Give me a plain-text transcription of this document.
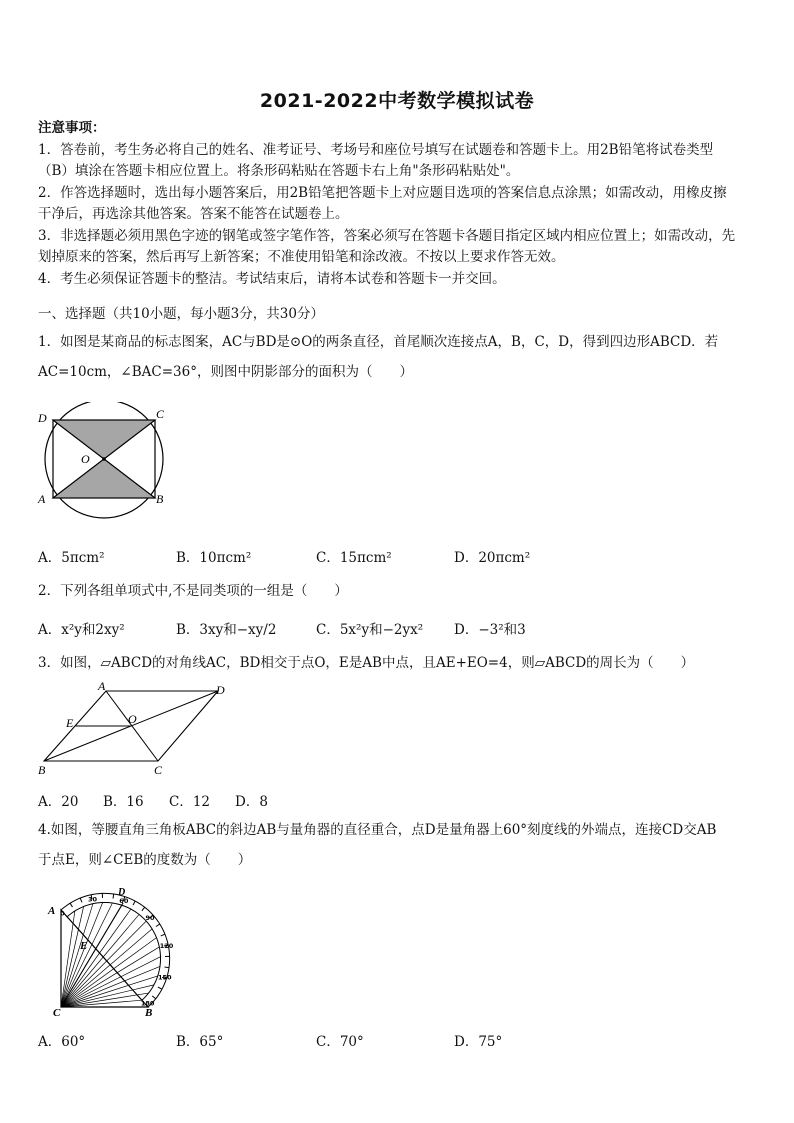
2021-2022中考数学模拟试卷

注意事项：

1．答卷前，考生务必将自己的姓名、准考证号、考场号和座位号填写在试题卷和答题卡上。用2B铅笔将试卷类型

（B）填涂在答题卡相应位置上。将条形码粘贴在答题卡右上角"条形码粘贴处"。

2．作答选择题时，选出每小题答案后，用2B铅笔把答题卡上对应题目选项的答案信息点涂黑；如需改动，用橡皮擦

干净后，再选涂其他答案。答案不能答在试题卷上。

3．非选择题必须用黑色字迹的钢笔或签字笔作答，答案必须写在答题卡各题目指定区域内相应位置上；如需改动，先

划掉原来的答案，然后再写上新答案；不准使用铅笔和涂改液。不按以上要求作答无效。

4．考生必须保证答题卡的整洁。考试结束后，请将本试卷和答题卡一并交回。

一、选择题（共10小题，每小题3分，共30分）
1．如图是某商品的标志图案，AC与BD是⊙O的两条直径，首尾顺次连接点A，B，C，D，得到四边形ABCD．若
AC=10cm，∠BAC=36°，则图中阴影部分的面积为（　　）
D	C
O
A	B
A．5πcm²	B．10πcm²	C．15πcm²	D．20πcm²
2．下列各组单项式中,不是同类项的一组是（　　）
A．x²y和2xy²	B．3xy和−xy/2	C．5x²y和−2yx² D．−3²和3
3．如图，▱ABCD的对角线AC，BD相交于点O，E是AB中点，且AE+EO=4，则▱ABCD的周长为（　　）
A	D
E	O
B	C
A．20 B．16 C．12 D．8
4.如图，等腰直角三角板ABC的斜边AB与量角器的直径重合，点D是量角器上60°刻度线的外端点，连接CD交AB
于点E，则∠CEB的度数为（　　）
A
D
E
C	B
0
30	60
90
120
150
180
A．60°	B．65°	C．70°	D．75°
